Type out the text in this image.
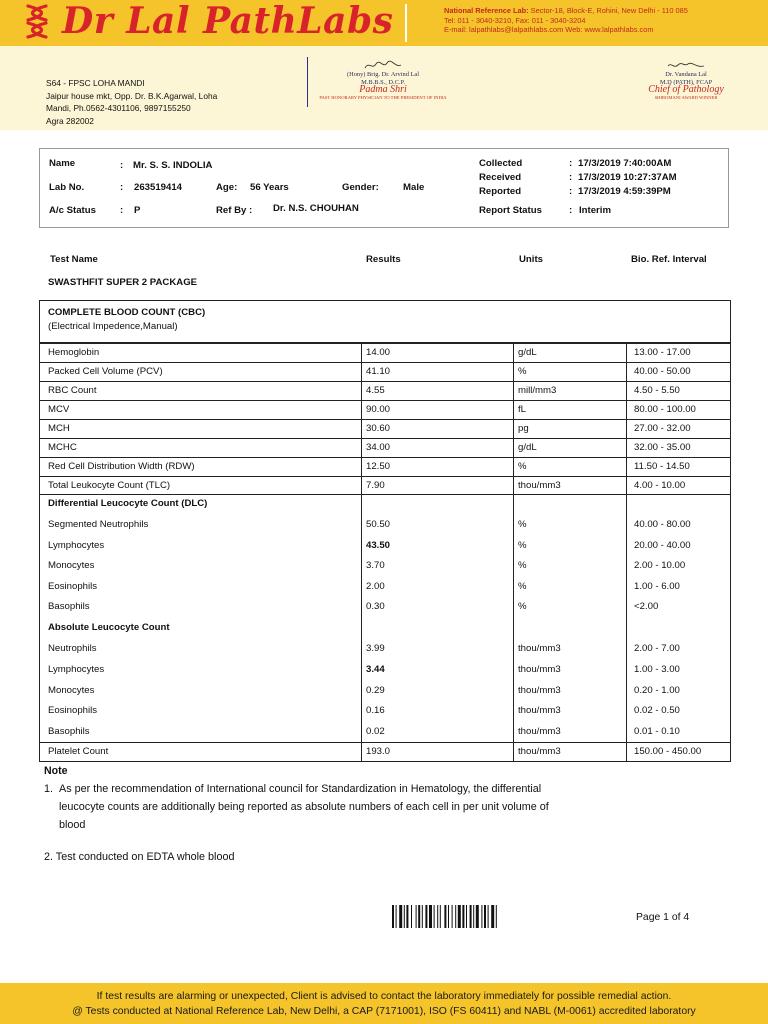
Dr Lal PathLabs	National Reference Lab: Sector-18, Block-E, Rohini, New Delhi - 110 085
Tel: 011 - 3040-3210, Fax: 011 - 3040-3204
E-mail: lalpathlabs@lalpathlabs.com Web: www.lalpathlabs.com
S64 - FPSC LOHA MANDI
Jaipur house mkt, Opp. Dr. B.K.Agarwal, Loha
Mandi, Ph.0562-4301106, 9897155250
Agra 282002
(Hony) Brig. Dr. Arvind Lal
M.B.B.S., D.C.P.
Padma Shri
PAST HONORARY PHYSICIAN TO THE PRESIDENT OF INDIA
Dr. Vandana Lal
M.D (PATH), FCAP
Chief of Pathology
SHIROMANI AWARD WINNER
Name	: Mr. S. S. INDOLIA
Lab No.	: 263519414	Age: 56 Years	Gender:	Male
A/c Status	: P	Ref By : Dr. N.S. CHOUHAN
Collected	: 17/3/2019 7:40:00AM
Received	: 17/3/2019 10:27:37AM
Reported	: 17/3/2019 4:59:39PM
Report Status	: Interim
Test Name	Results	Units	Bio. Ref. Interval
SWASTHFIT SUPER 2 PACKAGE
COMPLETE BLOOD COUNT (CBC)
(Electrical Impedence,Manual)
Hemoglobin	14.00	g/dL	13.00 - 17.00
Packed Cell Volume (PCV)	41.10	%	40.00 - 50.00
RBC Count	4.55	mill/mm3	4.50 - 5.50
MCV	90.00	fL	80.00 - 100.00
MCH	30.60	pg	27.00 - 32.00
MCHC	34.00	g/dL	32.00 - 35.00
Red Cell Distribution Width (RDW)	12.50	%	11.50 - 14.50
Total Leukocyte Count (TLC)	7.90	thou/mm3	4.00 - 10.00
Differential Leucocyte Count (DLC)
Segmented Neutrophils	50.50	%	40.00 - 80.00
Lymphocytes	43.50	%	20.00 - 40.00
Monocytes	3.70	%	2.00 - 10.00
Eosinophils	2.00	%	1.00 - 6.00
Basophils	0.30	%	<2.00
Absolute Leucocyte Count
Neutrophils	3.99	thou/mm3	2.00 - 7.00
Lymphocytes	3.44	thou/mm3	1.00 - 3.00
Monocytes	0.29	thou/mm3	0.20 - 1.00
Eosinophils	0.16	thou/mm3	0.02 - 0.50
Basophils	0.02	thou/mm3	0.01 - 0.10
Platelet Count	193.0	thou/mm3	150.00 - 450.00
Note
1. As per the recommendation of International council for Standardization in Hematology, the differential
leucocyte counts are additionally being reported as absolute numbers of each cell in per unit volume of
blood
2. Test conducted on EDTA whole blood
Page 1 of 4
If test results are alarming or unexpected, Client is advised to contact the laboratory immediately for possible remedial action.
@ Tests conducted at National Reference Lab, New Delhi, a CAP (7171001), ISO (FS 60411) and NABL (M-0061) accredited laboratory
